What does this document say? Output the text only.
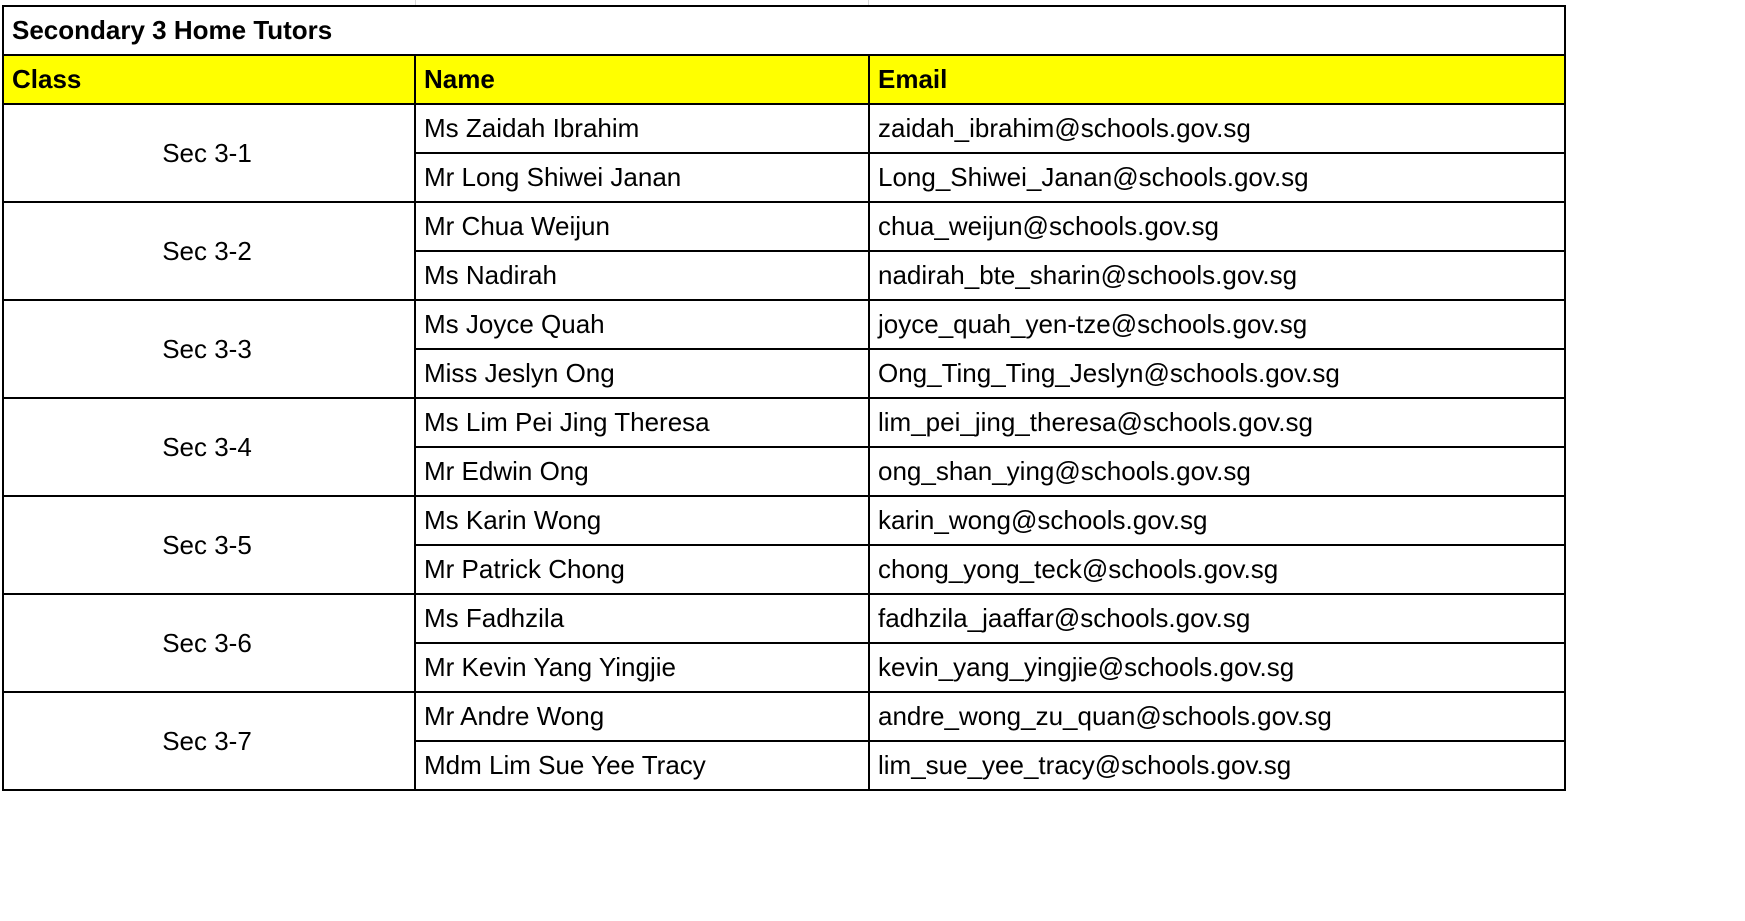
Secondary 3 Home Tutors		
Class	Name	Email
Sec 3-1	Ms Zaidah Ibrahim	zaidah_ibrahim@schools.gov.sg
	Mr Long Shiwei Janan	Long_Shiwei_Janan@schools.gov.sg
Sec 3-2	Mr Chua Weijun	chua_weijun@schools.gov.sg
	Ms Nadirah	nadirah_bte_sharin@schools.gov.sg
Sec 3-3	Ms Joyce Quah	joyce_quah_yen-tze@schools.gov.sg
	Miss Jeslyn Ong	Ong_Ting_Ting_Jeslyn@schools.gov.sg
Sec 3-4	Ms Lim Pei Jing Theresa	lim_pei_jing_theresa@schools.gov.sg
	Mr Edwin Ong	ong_shan_ying@schools.gov.sg
Sec 3-5	Ms Karin Wong	karin_wong@schools.gov.sg
	Mr Patrick Chong	chong_yong_teck@schools.gov.sg
Sec 3-6	Ms Fadhzila	fadhzila_jaaffar@schools.gov.sg
	Mr Kevin Yang Yingjie	kevin_yang_yingjie@schools.gov.sg
Sec 3-7	Mr Andre Wong	andre_wong_zu_quan@schools.gov.sg
	Mdm Lim Sue Yee Tracy	lim_sue_yee_tracy@schools.gov.sg
